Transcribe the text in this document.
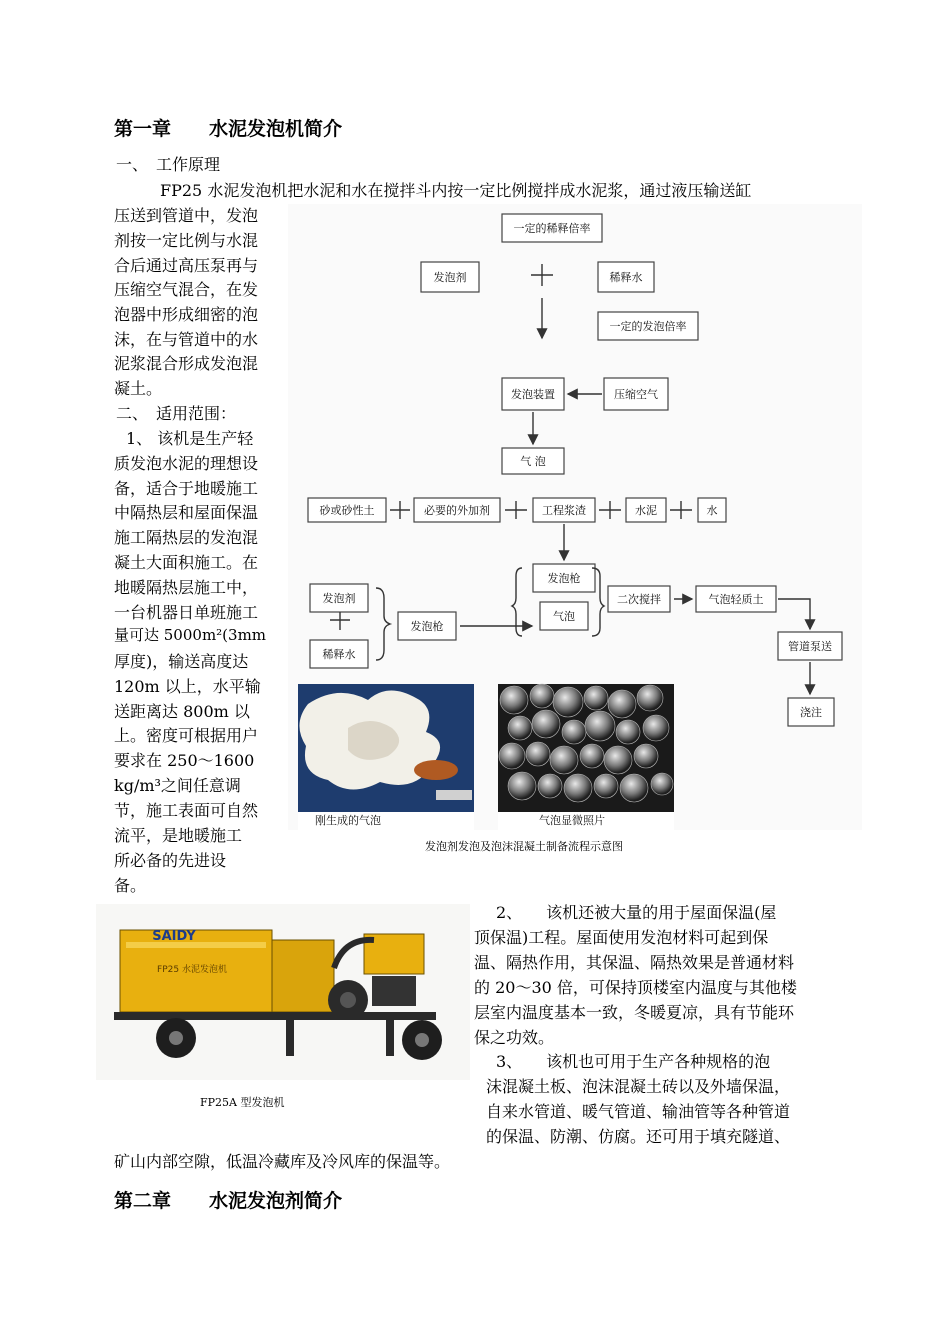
第一章　　水泥发泡机简介
一、　工作原理
FP25 水泥发泡机把水泥和水在搅拌斗内按一定比例搅拌成水泥浆，通过液压输送缸
压送到管道中，发泡
剂按一定比例与水混
合后通过高压泵再与
压缩空气混合，在发
泡器中形成细密的泡
沫，在与管道中的水
泥浆混合形成发泡混
凝土。
二、　适用范围：
1、 该机是生产轻
质发泡水泥的理想设
备，适合于地暖施工
中隔热层和屋面保温
施工隔热层的发泡混
凝土大面积施工。在
地暖隔热层施工中，
一台机器日单班施工
量可达 5000m²(3mm
厚度)，输送高度达
120m 以上，水平输
送距离达 800m 以
上。密度可根据用户
要求在 250～1600
kg/m³之间任意调
节，施工表面可自然
流平，是地暖施工
所必备的先进设
备。
一定的稀释倍率
发泡剂	稀释水
一定的发泡倍率
发泡装置	压缩空气
气 泡
砂或砂性土	必要的外加剂	工程浆渣	水泥	水
发泡枪
气泡
发泡剂
稀释水
发泡枪
二次搅拌	气泡轻质土
管道泵送
浇注
刚生成的气泡	气泡显微照片
发泡剂发泡及泡沫混凝土制备流程示意图
SAIDY
FP25 水泥发泡机
FP25A 型发泡机
2、　　该机还被大量的用于屋面保温(屋
顶保温)工程。屋面使用发泡材料可起到保
温、隔热作用，其保温、隔热效果是普通材料
的 20～30 倍，可保持顶楼室内温度与其他楼
层室内温度基本一致，冬暖夏凉，具有节能环
保之功效。
3、　　该机也可用于生产各种规格的泡
沫混凝土板、泡沫混凝土砖以及外墙保温，
自来水管道、暖气管道、输油管等各种管道
的保温、防潮、仿腐。还可用于填充隧道、
矿山内部空隙，低温冷藏库及冷风库的保温等。
第二章　　水泥发泡剂简介
